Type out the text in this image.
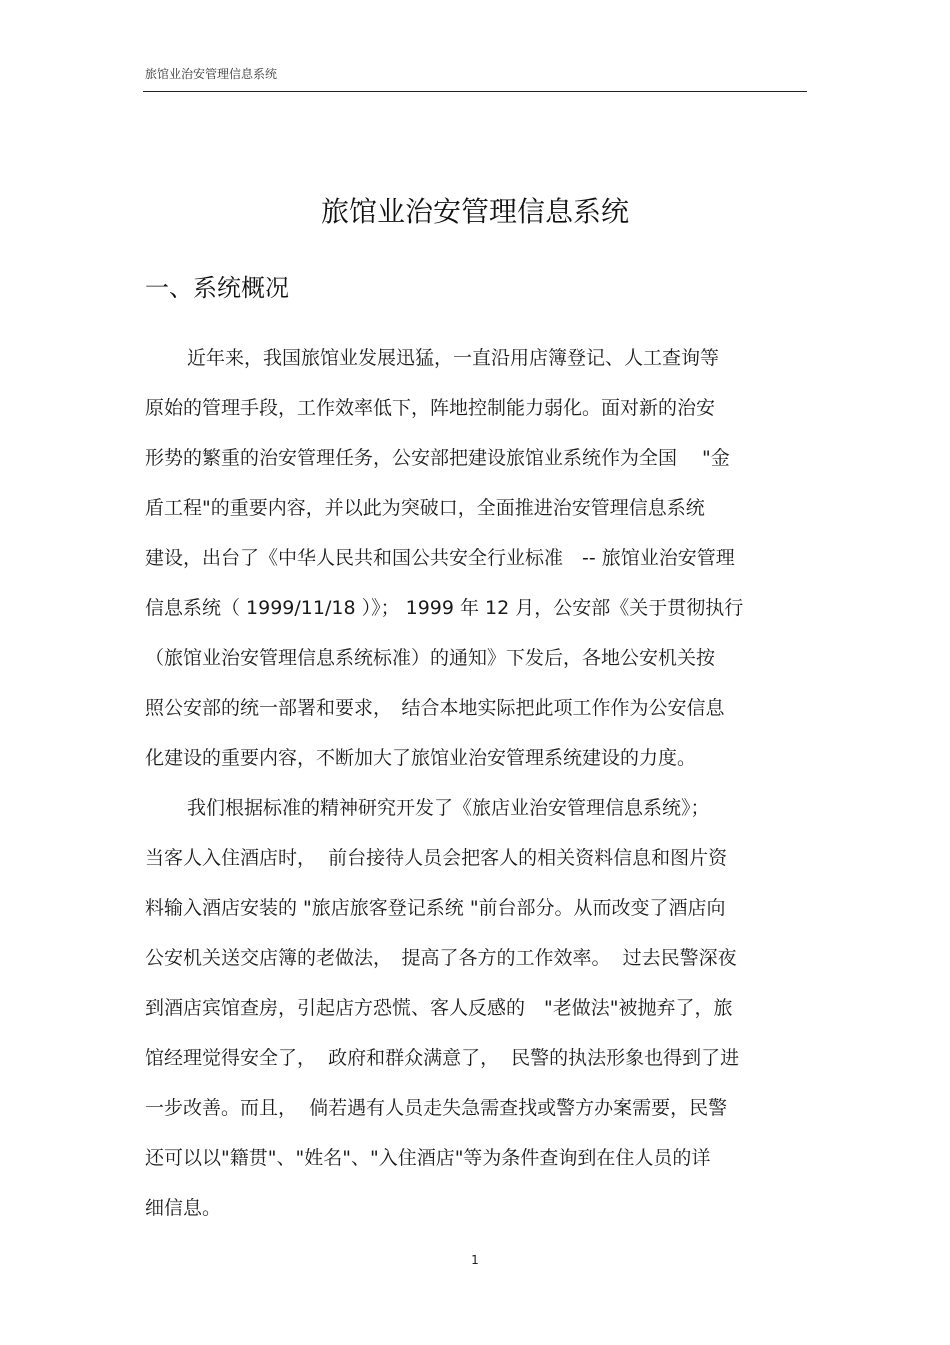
旅馆业治安管理信息系统
旅馆业治安管理信息系统
一、系统概况
近年来，我国旅馆业发展迅猛，一直沿用店簿登记、人工查询等
原始的管理手段，工作效率低下，阵地控制能力弱化。面对新的治安
形势的繁重的治安管理任务，公安部把建设旅馆业系统作为全国　 "金
盾工程"的重要内容，并以此为突破口，全面推进治安管理信息系统
建设，出台了《中华人民共和国公共安全行业标准　-- 旅馆业治安管理
信息系统（ 1999/11/18 ）》； 1999 年 12 月，公安部《关于贯彻执行
（旅馆业治安管理信息系统标准）的通知》下发后，各地公安机关按
照公安部的统一部署和要求，　结合本地实际把此项工作作为公安信息
化建设的重要内容，不断加大了旅馆业治安管理系统建设的力度。
我们根据标准的精神研究开发了《旅店业治安管理信息系统》；
当客人入住酒店时，  前台接待人员会把客人的相关资料信息和图片资
料输入酒店安装的 "旅店旅客登记系统 "前台部分。从而改变了酒店向
公安机关送交店簿的老做法，　提高了各方的工作效率。  过去民警深夜
到酒店宾馆查房，引起店方恐慌、客人反感的　"老做法"被抛弃了，旅
馆经理觉得安全了，  政府和群众满意了，  民警的执法形象也得到了进
一步改善。而且，  倘若遇有人员走失急需查找或警方办案需要，民警
还可以以"籍贯"、"姓名"、"入住酒店"等为条件查询到在住人员的详
细信息。
1
